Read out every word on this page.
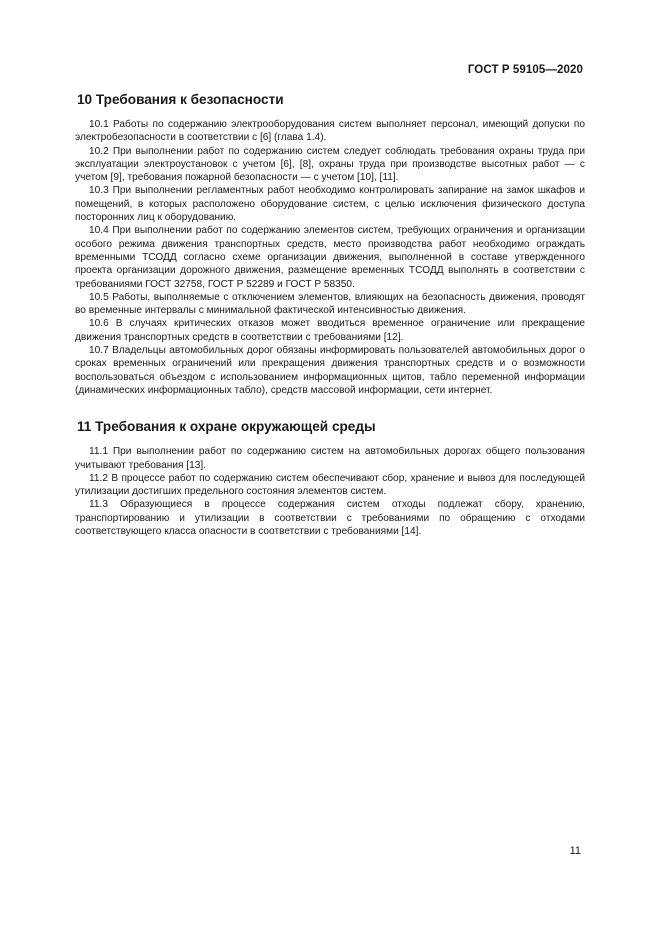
ГОСТ Р 59105—2020
10 Требования к безопасности

10.1 Работы по содержанию электрооборудования систем выполняет персонал, имеющий допуски по электробезопасности в соответствии с [6] (глава 1.4).

10.2 При выполнении работ по содержанию систем следует соблюдать требования охраны труда при эксплуатации электроустановок с учетом [6], [8], охраны труда при производстве высотных работ — с учетом [9], требования пожарной безопасности — с учетом [10], [11].

10.3 При выполнении регламентных работ необходимо контролировать запирание на замок шкафов и помещений, в которых расположено оборудование систем, с целью исключения физического доступа посторонних лиц к оборудованию.

10.4 При выполнении работ по содержанию элементов систем, требующих ограничения и организации особого режима движения транспортных средств, место производства работ необходимо ограждать временными ТСОДД согласно схеме организации движения, выполненной в составе утвержденного проекта организации дорожного движения, размещение временных ТСОДД выполнять в соответствии с требованиями ГОСТ 32758, ГОСТ Р 52289 и ГОСТ Р 58350.

10.5 Работы, выполняемые с отключением элементов, влияющих на безопасность движения, проводят во временные интервалы с минимальной фактической интенсивностью движения.

10.6 В случаях критических отказов может вводиться временное ограничение или прекращение движения транспортных средств в соответствии с требованиями [12].

10.7 Владельцы автомобильных дорог обязаны информировать пользователей автомобильных дорог о сроках временных ограничений или прекращения движения транспортных средств и о возможности воспользоваться объездом с использованием информационных щитов, табло переменной информации (динамических информационных табло), средств массовой информации, сети интернет.

11 Требования к охране окружающей среды

11.1 При выполнении работ по содержанию систем на автомобильных дорогах общего пользования учитывают требования [13].

11.2 В процессе работ по содержанию систем обеспечивают сбор, хранение и вывоз для последующей утилизации достигших предельного состояния элементов систем.

11.3 Образующиеся в процессе содержания систем отходы подлежат сбору, хранению, транспортированию и утилизации в соответствии с требованиями по обращению с отходами соответствующего класса опасности в соответствии с требованиями [14].

11
